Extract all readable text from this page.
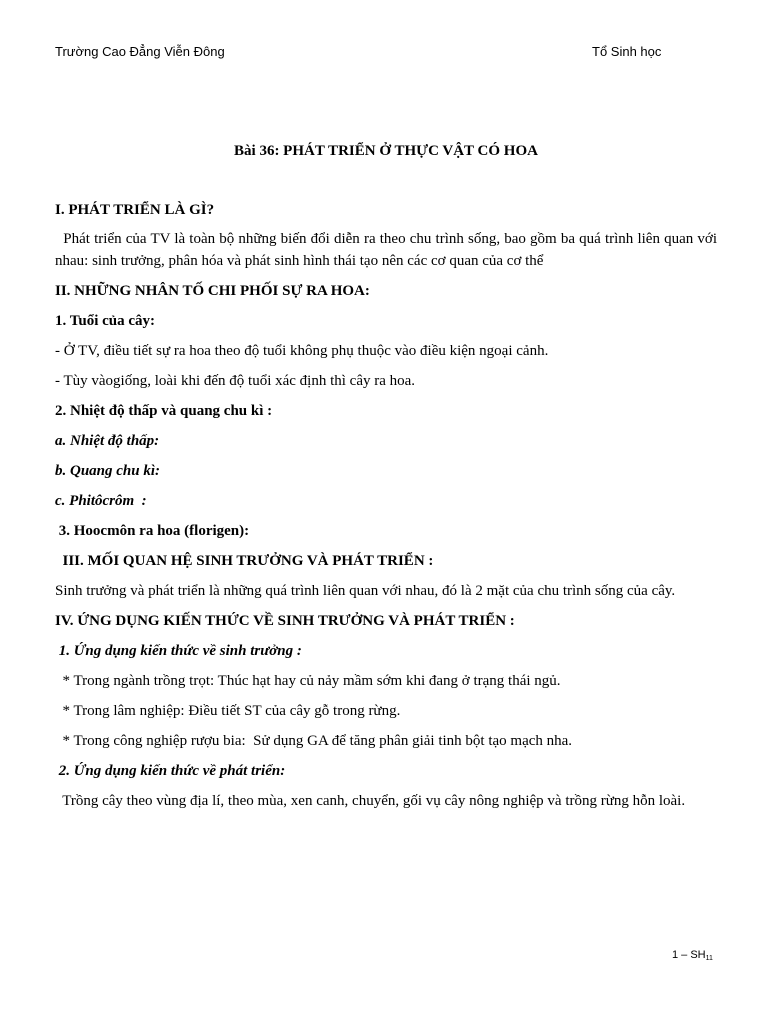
Trường Cao Đẳng Viễn Đông	Tổ Sinh học

Bài 36: PHÁT TRIỂN Ở THỰC VẬT CÓ HOA

I. PHÁT TRIỂN LÀ GÌ?

Phát triển của TV là toàn bộ những biến đổi diễn ra theo chu trình sống, bao gồm ba quá trình liên quan với nhau: sinh trưởng, phân hóa và phát sinh hình thái tạo nên các cơ quan của cơ thể

II. NHỮNG NHÂN TỐ CHI PHỐI SỰ RA HOA:

1. Tuổi của cây:

- Ở TV, điều tiết sự ra hoa theo độ tuổi không phụ thuộc vào điều kiện ngoại cảnh.

- Tùy vàogiống, loài khi đến độ tuổi xác định thì cây ra hoa.

2. Nhiệt độ thấp và quang chu kì :

a. Nhiệt độ thấp:

b. Quang chu kì:

c. Phitôcrôm  :

3. Hoocmôn ra hoa (florigen):

III. MỐI QUAN HỆ SINH TRƯỞNG VÀ PHÁT TRIỂN :

Sinh trưởng và phát triển là những quá trình liên quan với nhau, đó là 2 mặt của chu trình sống của cây.

IV. ỨNG DỤNG KIẾN THỨC VỀ SINH TRƯỞNG VÀ PHÁT TRIỂN :

1. Ứng dụng kiến thức về sinh trưởng :

* Trong ngành trồng trọt: Thúc hạt hay củ nảy mầm sớm khi đang ở trạng thái ngủ.

* Trong lâm nghiệp: Điều tiết ST của cây gỗ trong rừng.

* Trong công nghiệp rượu bia:  Sử dụng GA để tăng phân giải tinh bột tạo mạch nha.

2. Ứng dụng kiến thức về phát triển:

Trồng cây theo vùng địa lí, theo mùa, xen canh, chuyển, gối vụ cây nông nghiệp và trồng rừng hỗn loài.

$1 - SH_{11}$
